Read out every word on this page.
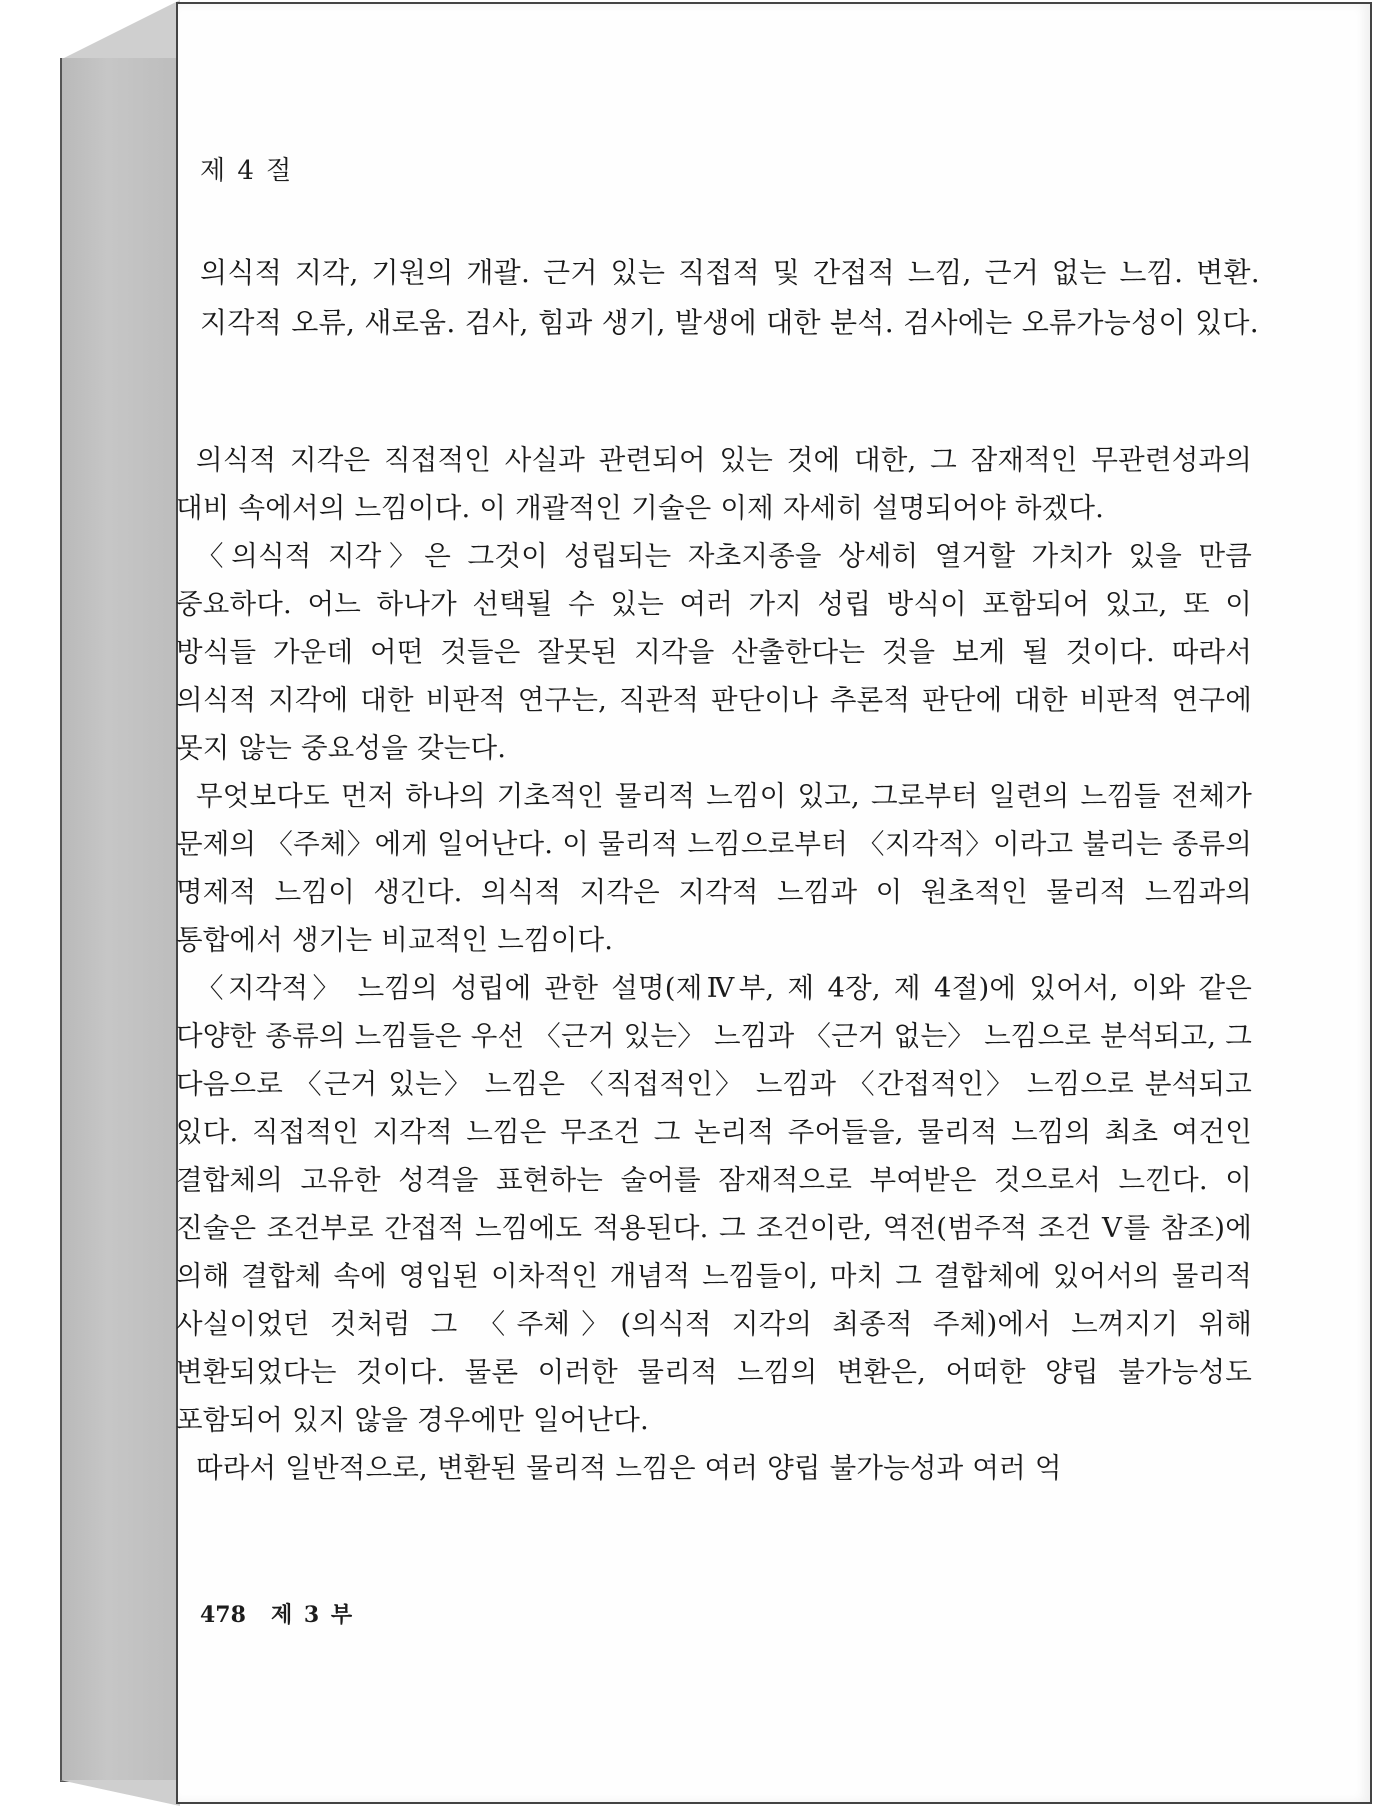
제 4 절
의식적 지각, 기원의 개괄. 근거 있는 직접적 및 간접적 느낌, 근거 없는 느낌. 변환. 지각적 오류, 새로움. 검사, 힘과 생기, 발생에 대한 분석. 검사에는 오류가능성이 있다.

의식적 지각은 직접적인 사실과 관련되어 있는 것에 대한, 그 잠재적인 무관련성과의 대비 속에서의 느낌이다. 이 개괄적인 기술은 이제 자세히 설명되어야 하겠다.

〈의식적 지각〉은 그것이 성립되는 자초지종을 상세히 열거할 가치가 있을 만큼 중요하다. 어느 하나가 선택될 수 있는 여러 가지 성립 방식이 포함되어 있고, 또 이 방식들 가운데 어떤 것들은 잘못된 지각을 산출한다는 것을 보게 될 것이다. 따라서 의식적 지각에 대한 비판적 연구는, 직관적 판단이나 추론적 판단에 대한 비판적 연구에 못지 않는 중요성을 갖는다.

무엇보다도 먼저 하나의 기초적인 물리적 느낌이 있고, 그로부터 일련의 느낌들 전체가 문제의 〈주체〉에게 일어난다. 이 물리적 느낌으로부터 〈지각적〉이라고 불리는 종류의 명제적 느낌이 생긴다. 의식적 지각은 지각적 느낌과 이 원초적인 물리적 느낌과의 통합에서 생기는 비교적인 느낌이다.

〈지각적〉 느낌의 성립에 관한 설명(제Ⅳ부, 제 4장, 제 4절)에 있어서, 이와 같은 다양한 종류의 느낌들은 우선 〈근거 있는〉 느낌과 〈근거 없는〉 느낌으로 분석되고, 그 다음으로 〈근거 있는〉 느낌은 〈직접적인〉 느낌과 〈간접적인〉 느낌으로 분석되고 있다. 직접적인 지각적 느낌은 무조건 그 논리적 주어들을, 물리적 느낌의 최초 여건인 결합체의 고유한 성격을 표현하는 술어를 잠재적으로 부여받은 것으로서 느낀다. 이 진술은 조건부로 간접적 느낌에도 적용된다. 그 조건이란, 역전(범주적 조건 Ⅴ를 참조)에 의해 결합체 속에 영입된 이차적인 개념적 느낌들이, 마치 그 결합체에 있어서의 물리적 사실이었던 것처럼 그 〈주체〉(의식적 지각의 최종적 주체)에서 느껴지기 위해 변환되었다는 것이다. 물론 이러한 물리적 느낌의 변환은, 어떠한 양립 불가능성도 포함되어 있지 않을 경우에만 일어난다.

따라서 일반적으로, 변환된 물리적 느낌은 여러 양립 불가능성과 여러 억

478 제 3 부
